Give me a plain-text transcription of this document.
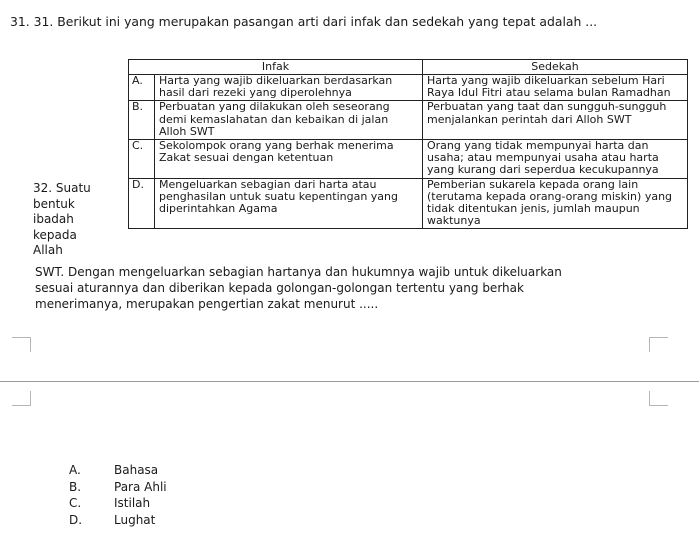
31. 31. Berikut ini yang merupakan pasangan arti dari infak dan sedekah yang tepat adalah ...
Infak		Sedekah
A.	Harta yang wajib dikeluarkan berdasarkan hasil dari rezeki yang diperolehnya	Harta yang wajib dikeluarkan sebelum Hari Raya Idul Fitri atau selama bulan Ramadhan
B.	Perbuatan yang dilakukan oleh seseorang demi kemaslahatan dan kebaikan di jalan Alloh SWT	Perbuatan yang taat dan sungguh-sungguh menjalankan perintah dari Alloh SWT
C.	Sekolompok orang yang berhak menerima Zakat sesuai dengan ketentuan	Orang yang tidak mempunyai harta dan usaha; atau mempunyai usaha atau harta yang kurang dari seperdua kecukupannya
D.	Mengeluarkan sebagian dari harta atau penghasilan untuk suatu kepentingan yang diperintahkan Agama	Pemberian sukarela kepada orang lain (terutama kepada orang-orang miskin) yang tidak ditentukan jenis, jumlah maupun waktunya
32. Suatu
bentuk
ibadah
kepada
Allah
SWT. Dengan mengeluarkan sebagian hartanya dan hukumnya wajib untuk dikeluarkan
sesuai aturannya dan diberikan kepada golongan-golongan tertentu yang berhak
menerimanya, merupakan pengertian zakat menurut .....
A.	Bahasa
B.	Para Ahli
C.	Istilah
D.	Lughat
